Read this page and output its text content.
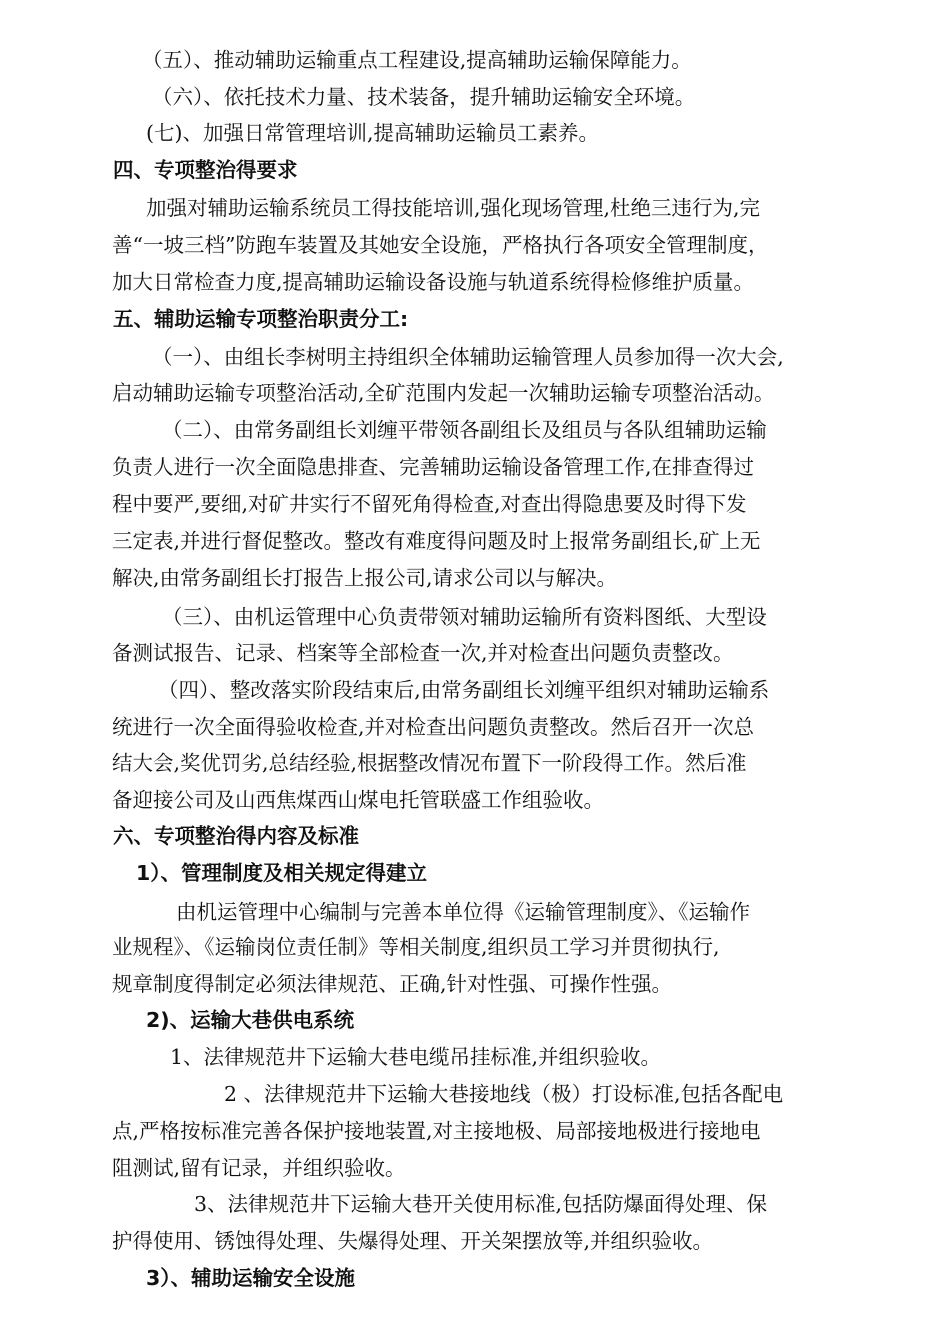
（五）、推动辅助运输重点工程建设,提高辅助运输保障能力。
（六）、依托技术力量、技术装备，提升辅助运输安全环境。
(七)、加强日常管理培训,提高辅助运输员工素养。
四、专项整治得要求
加强对辅助运输系统员工得技能培训,强化现场管理,杜绝三违行为,完
善“一坡三档”防跑车装置及其她安全设施，严格执行各项安全管理制度，
加大日常检查力度,提高辅助运输设备设施与轨道系统得检修维护质量。
五、辅助运输专项整治职责分工:
（一）、由组长李树明主持组织全体辅助运输管理人员参加得一次大会,
启动辅助运输专项整治活动,全矿范围内发起一次辅助运输专项整治活动。
（二）、由常务副组长刘缠平带领各副组长及组员与各队组辅助运输
负责人进行一次全面隐患排查、完善辅助运输设备管理工作,在排查得过
程中要严,要细,对矿井实行不留死角得检查,对查出得隐患要及时得下发
三定表,并进行督促整改。整改有难度得问题及时上报常务副组长,矿上无
解决,由常务副组长打报告上报公司,请求公司以与解决。
（三）、由机运管理中心负责带领对辅助运输所有资料图纸、大型设
备测试报告、记录、档案等全部检查一次,并对检查出问题负责整改。
（四）、整改落实阶段结束后,由常务副组长刘缠平组织对辅助运输系
统进行一次全面得验收检查,并对检查出问题负责整改。然后召开一次总
结大会,奖优罚劣,总结经验,根据整改情况布置下一阶段得工作。然后准
备迎接公司及山西焦煤西山煤电托管联盛工作组验收。
六、专项整治得内容及标准
1）、管理制度及相关规定得建立
由机运管理中心编制与完善本单位得《运输管理制度》、《运输作
业规程》、《运输岗位责任制》等相关制度,组织员工学习并贯彻执行,
规章制度得制定必须法律规范、正确,针对性强、可操作性强。
2)、运输大巷供电系统
1、法律规范井下运输大巷电缆吊挂标准,并组织验收。
2 、法律规范井下运输大巷接地线（极）打设标准,包括各配电
点,严格按标准完善各保护接地装置,对主接地极、局部接地极进行接地电
阻测试,留有记录，并组织验收。
3、法律规范井下运输大巷开关使用标准,包括防爆面得处理、保
护得使用、锈蚀得处理、失爆得处理、开关架摆放等,并组织验收。
3）、辅助运输安全设施
